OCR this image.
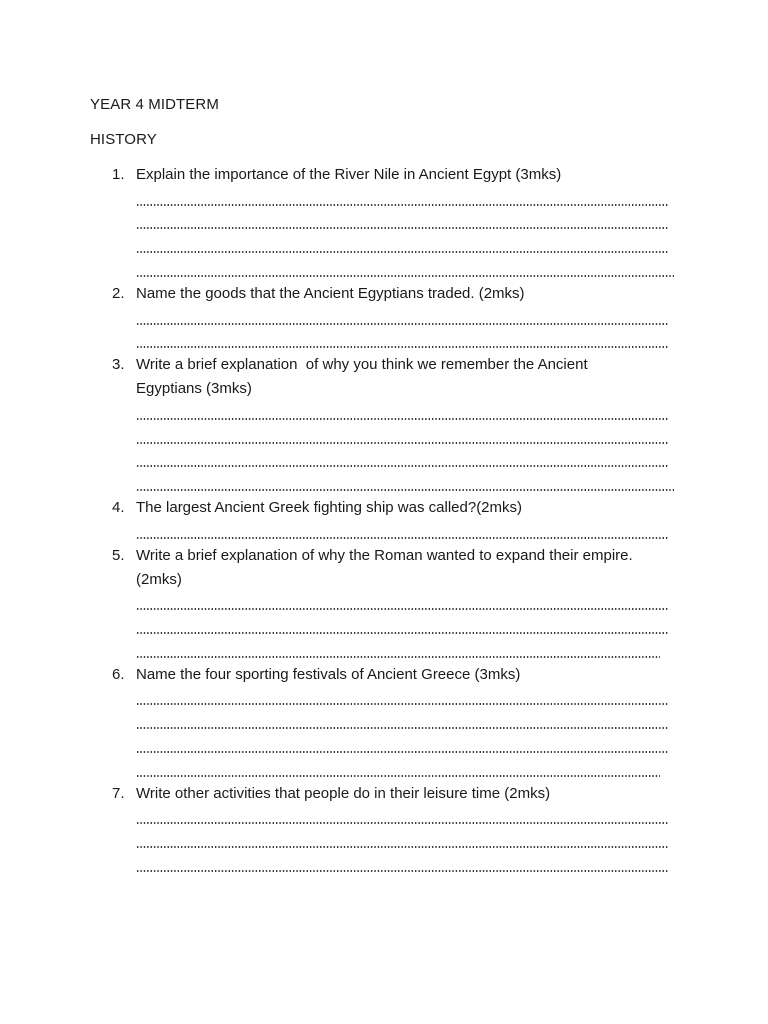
YEAR 4 MIDTERM
HISTORY
1. Explain the importance of the River Nile in Ancient Egypt (3mks)
2. Name the goods that the Ancient Egyptians traded. (2mks)
3. Write a brief explanation  of why you think we remember the Ancient Egyptians (3mks)
4. The largest Ancient Greek fighting ship was called?(2mks)
5. Write a brief explanation of why the Roman wanted to expand their empire.(2mks)
6. Name the four sporting festivals of Ancient Greece (3mks)
7. Write other activities that people do in their leisure time (2mks)
